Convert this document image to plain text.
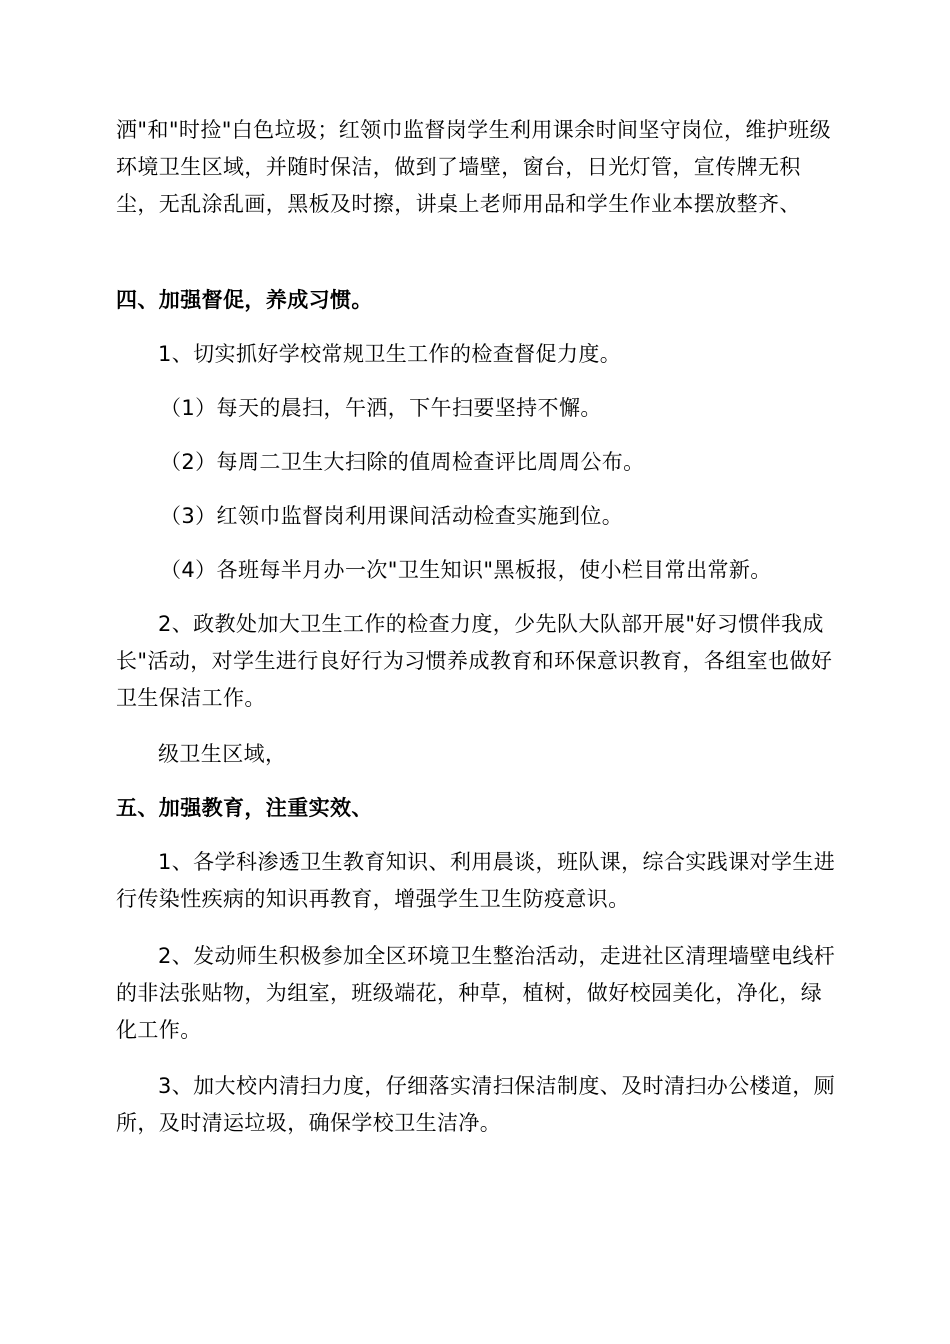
洒"和"时捡"白色垃圾；红领巾监督岗学生利用课余时间坚守岗位，维护班级环境卫生区域，并随时保洁，做到了墙壁，窗台，日光灯管，宣传牌无积尘，无乱涂乱画，黑板及时擦，讲桌上老师用品和学生作业本摆放整齐、

四、加强督促，养成习惯。

1、切实抓好学校常规卫生工作的检查督促力度。

（1）每天的晨扫，午洒，下午扫要坚持不懈。

（2）每周二卫生大扫除的值周检查评比周周公布。

（3）红领巾监督岗利用课间活动检查实施到位。

（4）各班每半月办一次"卫生知识"黑板报，使小栏目常出常新。

2、政教处加大卫生工作的检查力度，少先队大队部开展"好习惯伴我成长"活动，对学生进行良好行为习惯养成教育和环保意识教育，各组室也做好卫生保洁工作。

级卫生区域，

五、加强教育，注重实效、

1、各学科渗透卫生教育知识、利用晨谈，班队课，综合实践课对学生进行传染性疾病的知识再教育，增强学生卫生防疫意识。

2、发动师生积极参加全区环境卫生整治活动，走进社区清理墙壁电线杆的非法张贴物，为组室，班级端花，种草，植树，做好校园美化，净化，绿化工作。

3、加大校内清扫力度，仔细落实清扫保洁制度、及时清扫办公楼道，厕所，及时清运垃圾，确保学校卫生洁净。
